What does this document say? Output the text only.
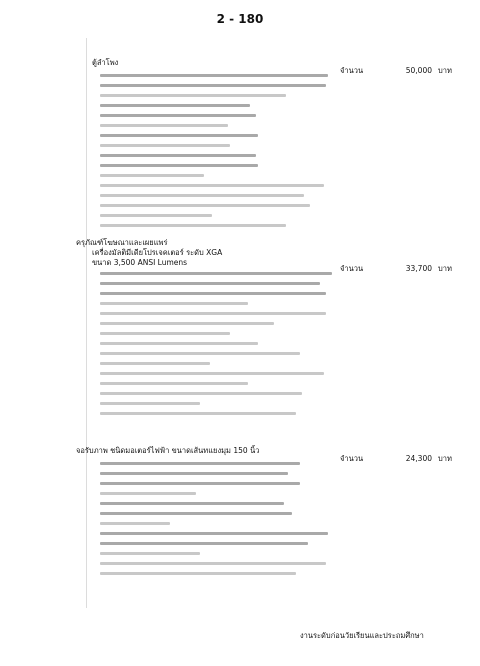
2 - 180
ตู้ลำโพง
จำนวน	50,000 บาท
ครุภัณฑ์โฆษณาและเผยแพร่
เครื่องมัลติมีเดียโปรเจคเตอร์ ระดับ XGA
ขนาด 3,500 ANSI Lumens
จำนวน	33,700 บาท
จอรับภาพ ชนิดมอเตอร์ไฟฟ้า ขนาดเส้นทแยงมุม 150 นิ้ว
จำนวน	24,300 บาท
งานระดับก่อนวัยเรียนและประถมศึกษา
